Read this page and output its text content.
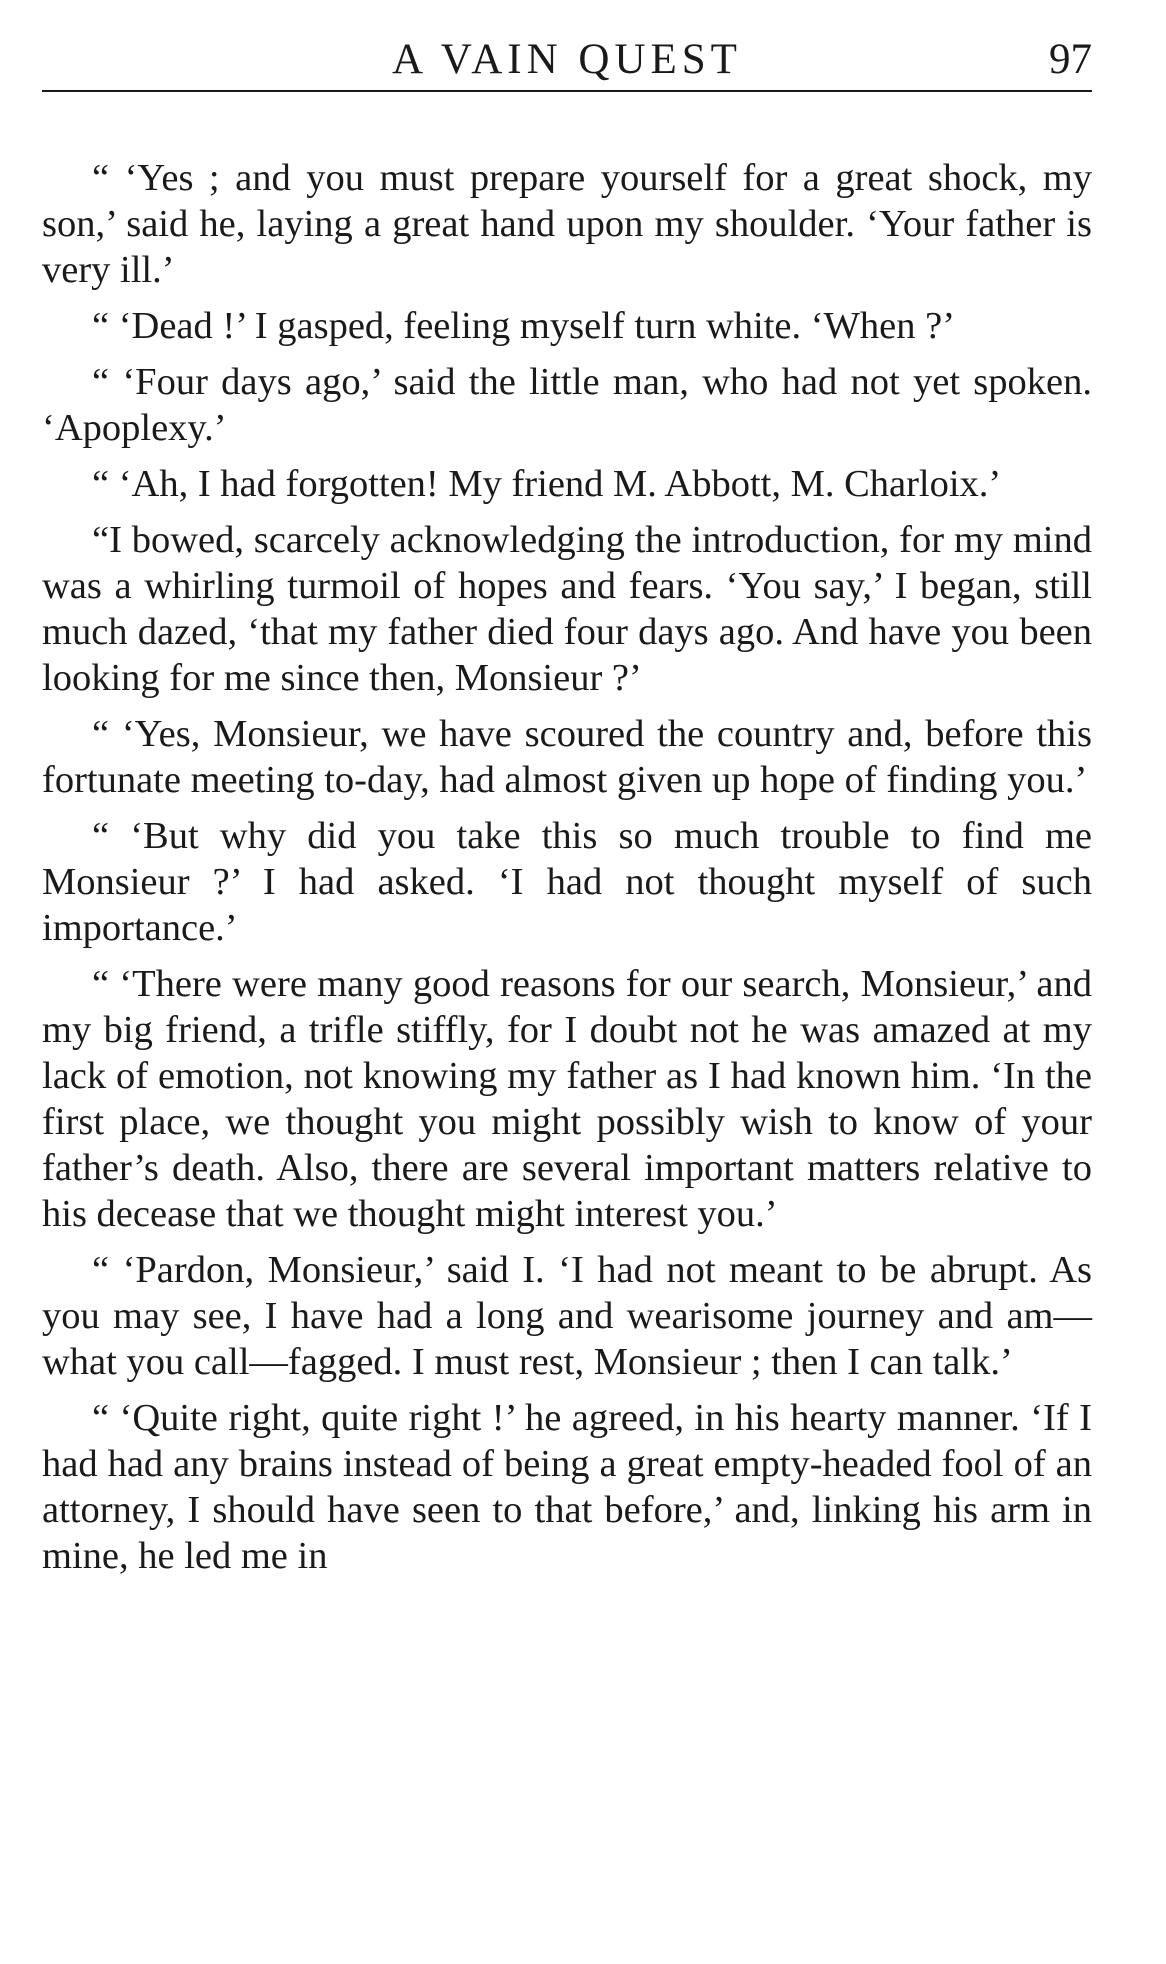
A VAIN QUEST	97

“ ‘Yes ; and you must prepare yourself for a great shock, my son,’ said he, laying a great hand upon my shoulder. ‘Your father is very ill.’

“ ‘Dead !’ I gasped, feeling myself turn white. ‘When ?’

“ ‘Four days ago,’ said the little man, who had not yet spoken. ‘Apoplexy.’

“ ‘Ah, I had forgotten! My friend M. Abbott, M. Charloix.’

“I bowed, scarcely acknowledging the introduction, for my mind was a whirling turmoil of hopes and fears. ‘You say,’ I began, still much dazed, ‘that my father died four days ago. And have you been looking for me since then, Monsieur ?’

“ ‘Yes, Monsieur, we have scoured the country and, before this fortunate meeting to-day, had almost given up hope of finding you.’

“ ‘But why did you take this so much trouble to find me Monsieur ?’ I had asked. ‘I had not thought myself of such importance.’

“ ‘There were many good reasons for our search, Monsieur,’ and my big friend, a trifle stiffly, for I doubt not he was amazed at my lack of emotion, not knowing my father as I had known him. ‘In the first place, we thought you might possibly wish to know of your father’s death. Also, there are several important matters relative to his decease that we thought might interest you.’

“ ‘Pardon, Monsieur,’ said I. ‘I had not meant to be abrupt. As you may see, I have had a long and wearisome journey and am—what you call—fagged. I must rest, Monsieur ; then I can talk.’

“ ‘Quite right, quite right !’ he agreed, in his hearty manner. ‘If I had had any brains instead of being a great empty-headed fool of an attorney, I should have seen to that before,’ and, linking his arm in mine, he led me in
